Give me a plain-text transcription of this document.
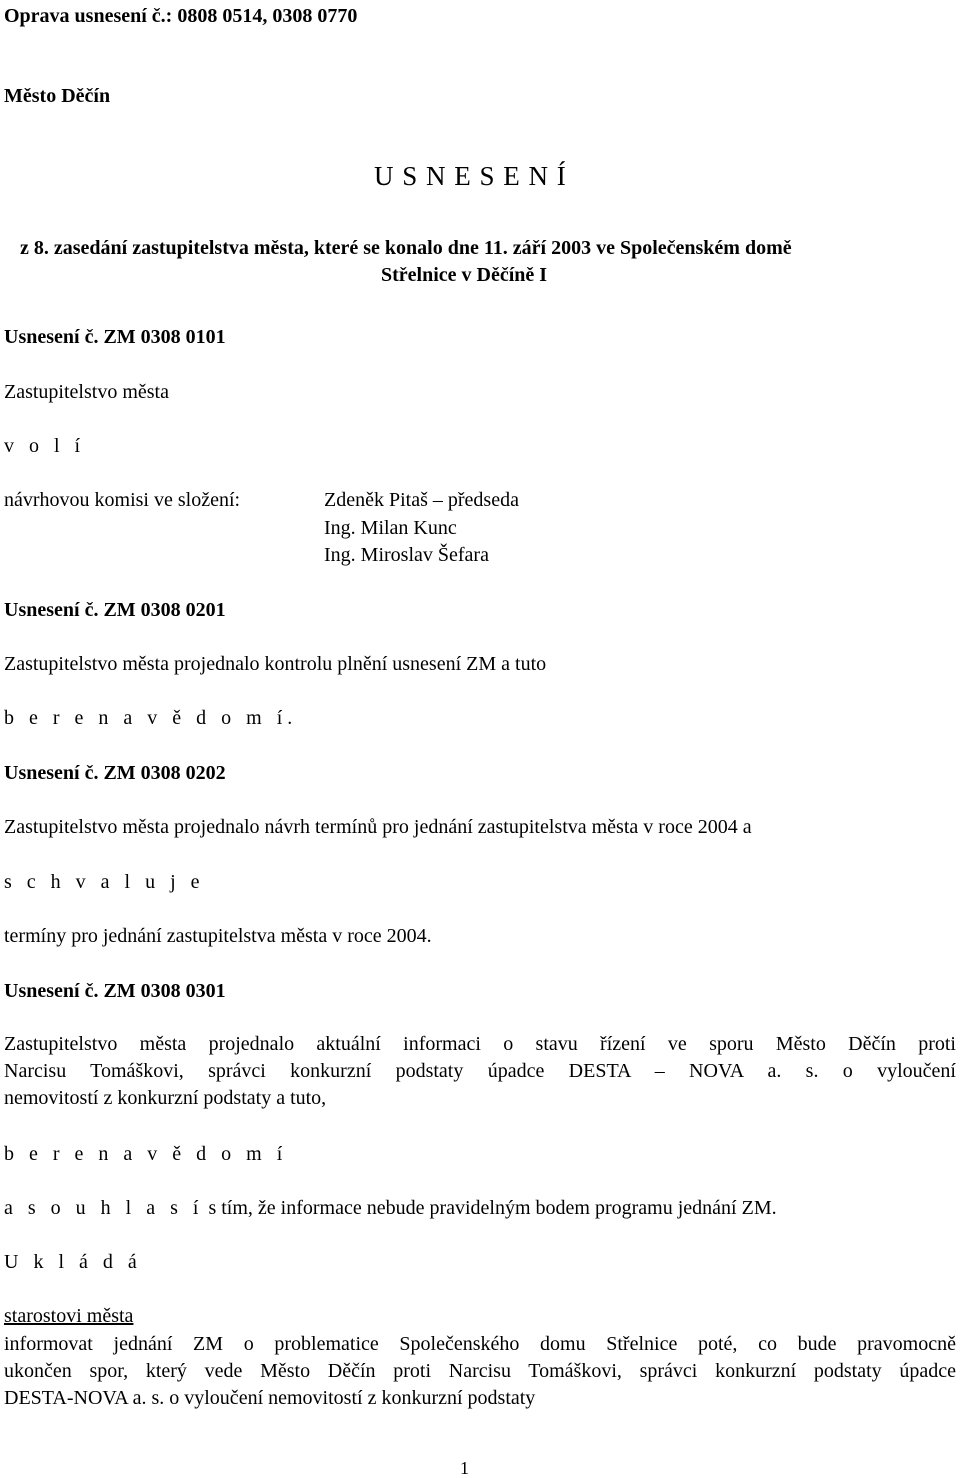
Oprava usnesení č.: 0808 0514, 0308 0770
Město Děčín
U S N E S E N Í
z 8. zasedání zastupitelstva města, které se konalo dne 11. září 2003 ve Společenském domě
Střelnice v Děčíně I
Usnesení č. ZM 0308 0101
Zastupitelstvo města
v o l í
návrhovou komisi ve složení:	Zdeněk Pitaš – předseda
Ing. Milan Kunc
Ing. Miroslav Šefara
Usnesení č. ZM 0308 0201
Zastupitelstvo města projednalo kontrolu plnění usnesení ZM a tuto
b e r e n a v ě d o m í.
Usnesení č. ZM 0308 0202
Zastupitelstvo města projednalo návrh termínů pro jednání zastupitelstva města v roce 2004 a
s c h v a l u j e
termíny pro jednání zastupitelstva města v roce 2004.
Usnesení č. ZM 0308 0301
Zastupitelstvo města projednalo aktuální informaci o stavu řízení ve sporu Město Děčín proti
Narcisu Tomáškovi, správci konkurzní podstaty úpadce DESTA – NOVA a. s. o vyloučení
nemovitostí z konkurzní podstaty a tuto,
b e r e n a v ě d o m í
a s o u h l a s í s tím, že informace nebude pravidelným bodem programu jednání ZM.
U k l á d á
starostovi města
informovat jednání ZM o problematice Společenského domu Střelnice poté, co bude pravomocně
ukončen spor, který vede Město Děčín proti Narcisu Tomáškovi, správci konkurzní podstaty úpadce
DESTA-NOVA a. s. o vyloučení nemovitostí z konkurzní podstaty
1
